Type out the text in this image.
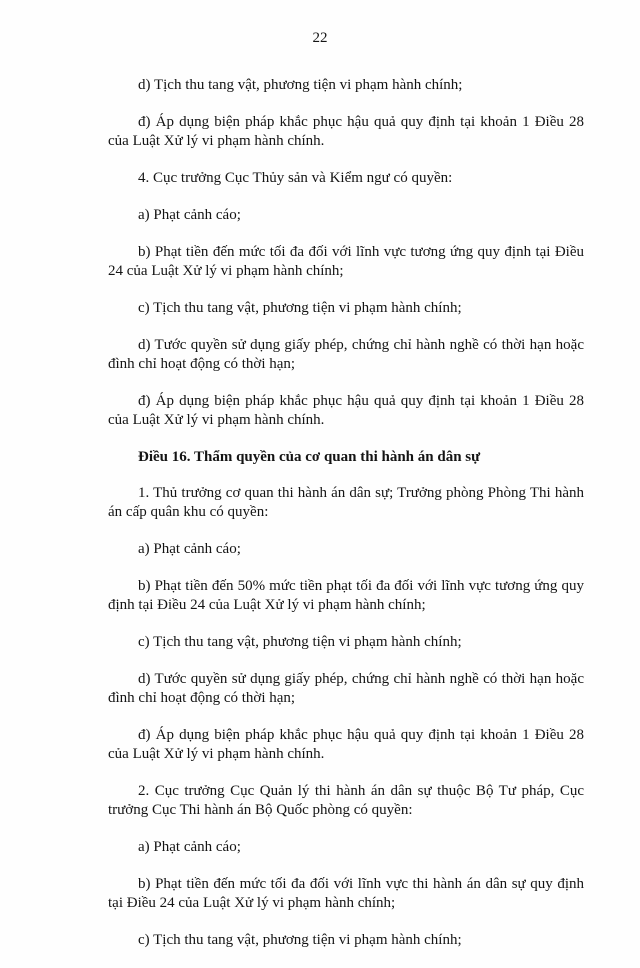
22

d) Tịch thu tang vật, phương tiện vi phạm hành chính;

đ) Áp dụng biện pháp khắc phục hậu quả quy định tại khoản 1 Điều 28 của Luật Xử lý vi phạm hành chính.

4. Cục trưởng Cục Thủy sản và Kiểm ngư có quyền:

a) Phạt cảnh cáo;

b) Phạt tiền đến mức tối đa đối với lĩnh vực tương ứng quy định tại Điều 24 của Luật Xử lý vi phạm hành chính;

c) Tịch thu tang vật, phương tiện vi phạm hành chính;

d) Tước quyền sử dụng giấy phép, chứng chỉ hành nghề có thời hạn hoặc đình chỉ hoạt động có thời hạn;

đ) Áp dụng biện pháp khắc phục hậu quả quy định tại khoản 1 Điều 28 của Luật Xử lý vi phạm hành chính.

Điều 16. Thẩm quyền của cơ quan thi hành án dân sự

1. Thủ trưởng cơ quan thi hành án dân sự; Trưởng phòng Phòng Thi hành án cấp quân khu có quyền:

a) Phạt cảnh cáo;

b) Phạt tiền đến 50% mức tiền phạt tối đa đối với lĩnh vực tương ứng quy định tại Điều 24 của Luật Xử lý vi phạm hành chính;

c) Tịch thu tang vật, phương tiện vi phạm hành chính;

d) Tước quyền sử dụng giấy phép, chứng chỉ hành nghề có thời hạn hoặc đình chỉ hoạt động có thời hạn;

đ) Áp dụng biện pháp khắc phục hậu quả quy định tại khoản 1 Điều 28 của Luật Xử lý vi phạm hành chính.

2. Cục trưởng Cục Quản lý thi hành án dân sự thuộc Bộ Tư pháp, Cục trưởng Cục Thi hành án Bộ Quốc phòng có quyền:

a) Phạt cảnh cáo;

b) Phạt tiền đến mức tối đa đối với lĩnh vực thi hành án dân sự quy định tại Điều 24 của Luật Xử lý vi phạm hành chính;

c) Tịch thu tang vật, phương tiện vi phạm hành chính;
